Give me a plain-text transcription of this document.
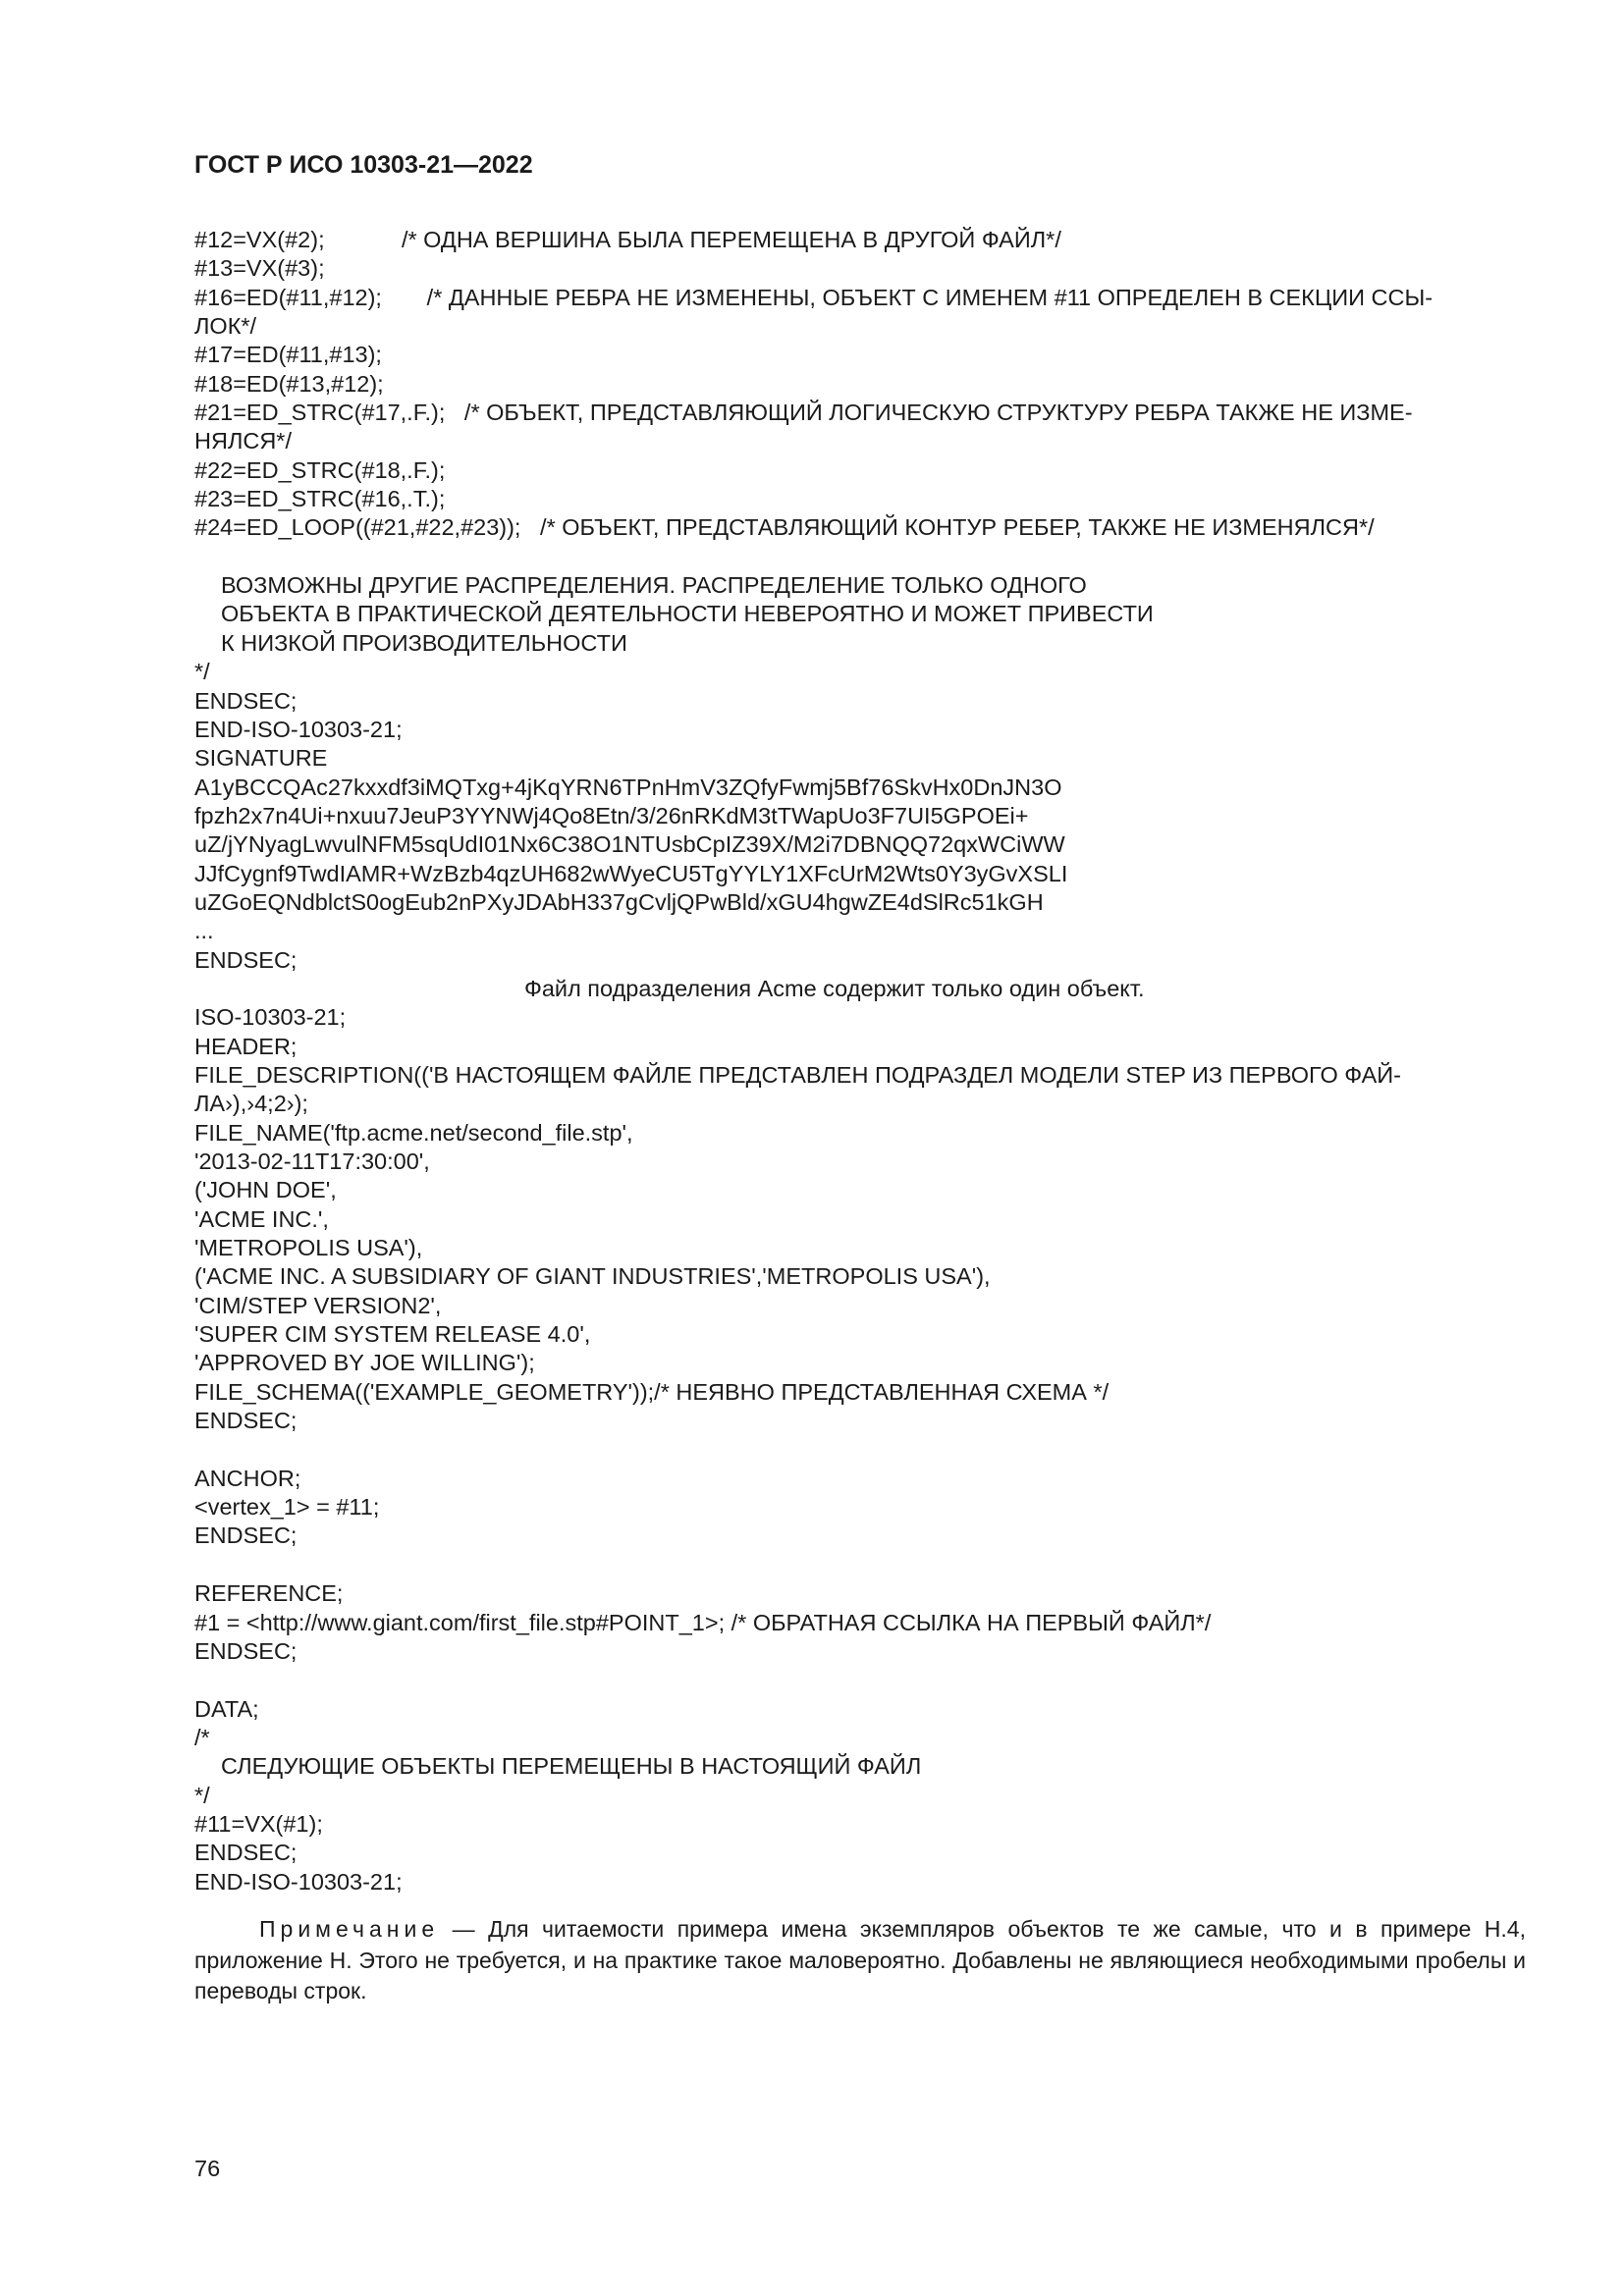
ГОСТ Р ИСО 10303-21—2022
#12=VX(#2);            /* ОДНА ВЕРШИНА БЫЛА ПЕРЕМЕЩЕНА В ДРУГОЙ ФАЙЛ*/
#13=VX(#3);
#16=ED(#11,#12);       /* ДАННЫЕ РЕБРА НЕ ИЗМЕНЕНЫ, ОБЪЕКТ С ИМЕНЕМ #11 ОПРЕДЕЛЕН В СЕКЦИИ ССЫ-
ЛОК*/
#17=ED(#11,#13);
#18=ED(#13,#12);
#21=ED_STRC(#17,.F.);   /* ОБЪЕКТ, ПРЕДСТАВЛЯЮЩИЙ ЛОГИЧЕСКУЮ СТРУКТУРУ РЕБРА ТАКЖЕ НЕ ИЗМЕ-
НЯЛСЯ*/
#22=ED_STRC(#18,.F.);
#23=ED_STRC(#16,.T.);
#24=ED_LOOP((#21,#22,#23));   /* ОБЪЕКТ, ПРЕДСТАВЛЯЮЩИЙ КОНТУР РЕБЕР, ТАКЖЕ НЕ ИЗМЕНЯЛСЯ*/
ВОЗМОЖНЫ ДРУГИЕ РАСПРЕДЕЛЕНИЯ. РАСПРЕДЕЛЕНИЕ ТОЛЬКО ОДНОГО
ОБЪЕКТА В ПРАКТИЧЕСКОЙ ДЕЯТЕЛЬНОСТИ НЕВЕРОЯТНО И МОЖЕТ ПРИВЕСТИ
К НИЗКОЙ ПРОИЗВОДИТЕЛЬНОСТИ
*/
ENDSEC;
END-ISO-10303-21;
SIGNATURE
A1yBCCQAc27kxxdf3iMQTxg+4jKqYRN6TPnHmV3ZQfyFwmj5Bf76SkvHx0DnJN3O
fpzh2x7n4Ui+nxuu7JeuP3YYNWj4Qo8Etn/3/26nRKdM3tTWapUo3F7UI5GPOEi+
uZ/jYNyagLwvulNFM5sqUdI01Nx6C38O1NTUsbCpIZ39X/M2i7DBNQQ72qxWCiWW
JJfCygnf9TwdIAMR+WzBzb4qzUH682wWyeCU5TgYYLY1XFcUrM2Wts0Y3yGvXSLI
uZGoEQNdblctS0ogEub2nPXyJDAbH337gCvljQPwBld/xGU4hgwZE4dSlRc51kGH
...
ENDSEC;
Файл подразделения Acme содержит только один объект.
ISO-10303-21;
HEADER;
FILE_DESCRIPTION(('В НАСТОЯЩЕМ ФАЙЛЕ ПРЕДСТАВЛЕН ПОДРАЗДЕЛ МОДЕЛИ STEP ИЗ ПЕРВОГО ФАЙ-
ЛА›),›4;2›);
FILE_NAME('ftp.acme.net/second_file.stp',
'2013-02-11T17:30:00',
('JOHN DOE',
'ACME INC.',
'METROPOLIS USA'),
('ACME INC. A SUBSIDIARY OF GIANT INDUSTRIES','METROPOLIS USA'),
'CIM/STEP VERSION2',
'SUPER CIM SYSTEM RELEASE 4.0',
'APPROVED BY JOE WILLING');
FILE_SCHEMA(('EXAMPLE_GEOMETRY'));/* НЕЯВНО ПРЕДСТАВЛЕННАЯ СХЕМА */
ENDSEC;
ANCHOR;
<vertex_1> = #11;
ENDSEC;
REFERENCE;
#1 = <http://www.giant.com/first_file.stp#POINT_1>; /* ОБРАТНАЯ ССЫЛКА НА ПЕРВЫЙ ФАЙЛ*/
ENDSEC;
DATA;
/*
СЛЕДУЮЩИЕ ОБЪЕКТЫ ПЕРЕМЕЩЕНЫ В НАСТОЯЩИЙ ФАЙЛ
*/
#11=VX(#1);
ENDSEC;
END-ISO-10303-21;
Примечание — Для читаемости примера имена экземпляров объектов те же самые, что и в примере H.4, приложение H. Этого не требуется, и на практике такое маловероятно. Добавлены не являющиеся необходимыми пробелы и переводы строк.
76
